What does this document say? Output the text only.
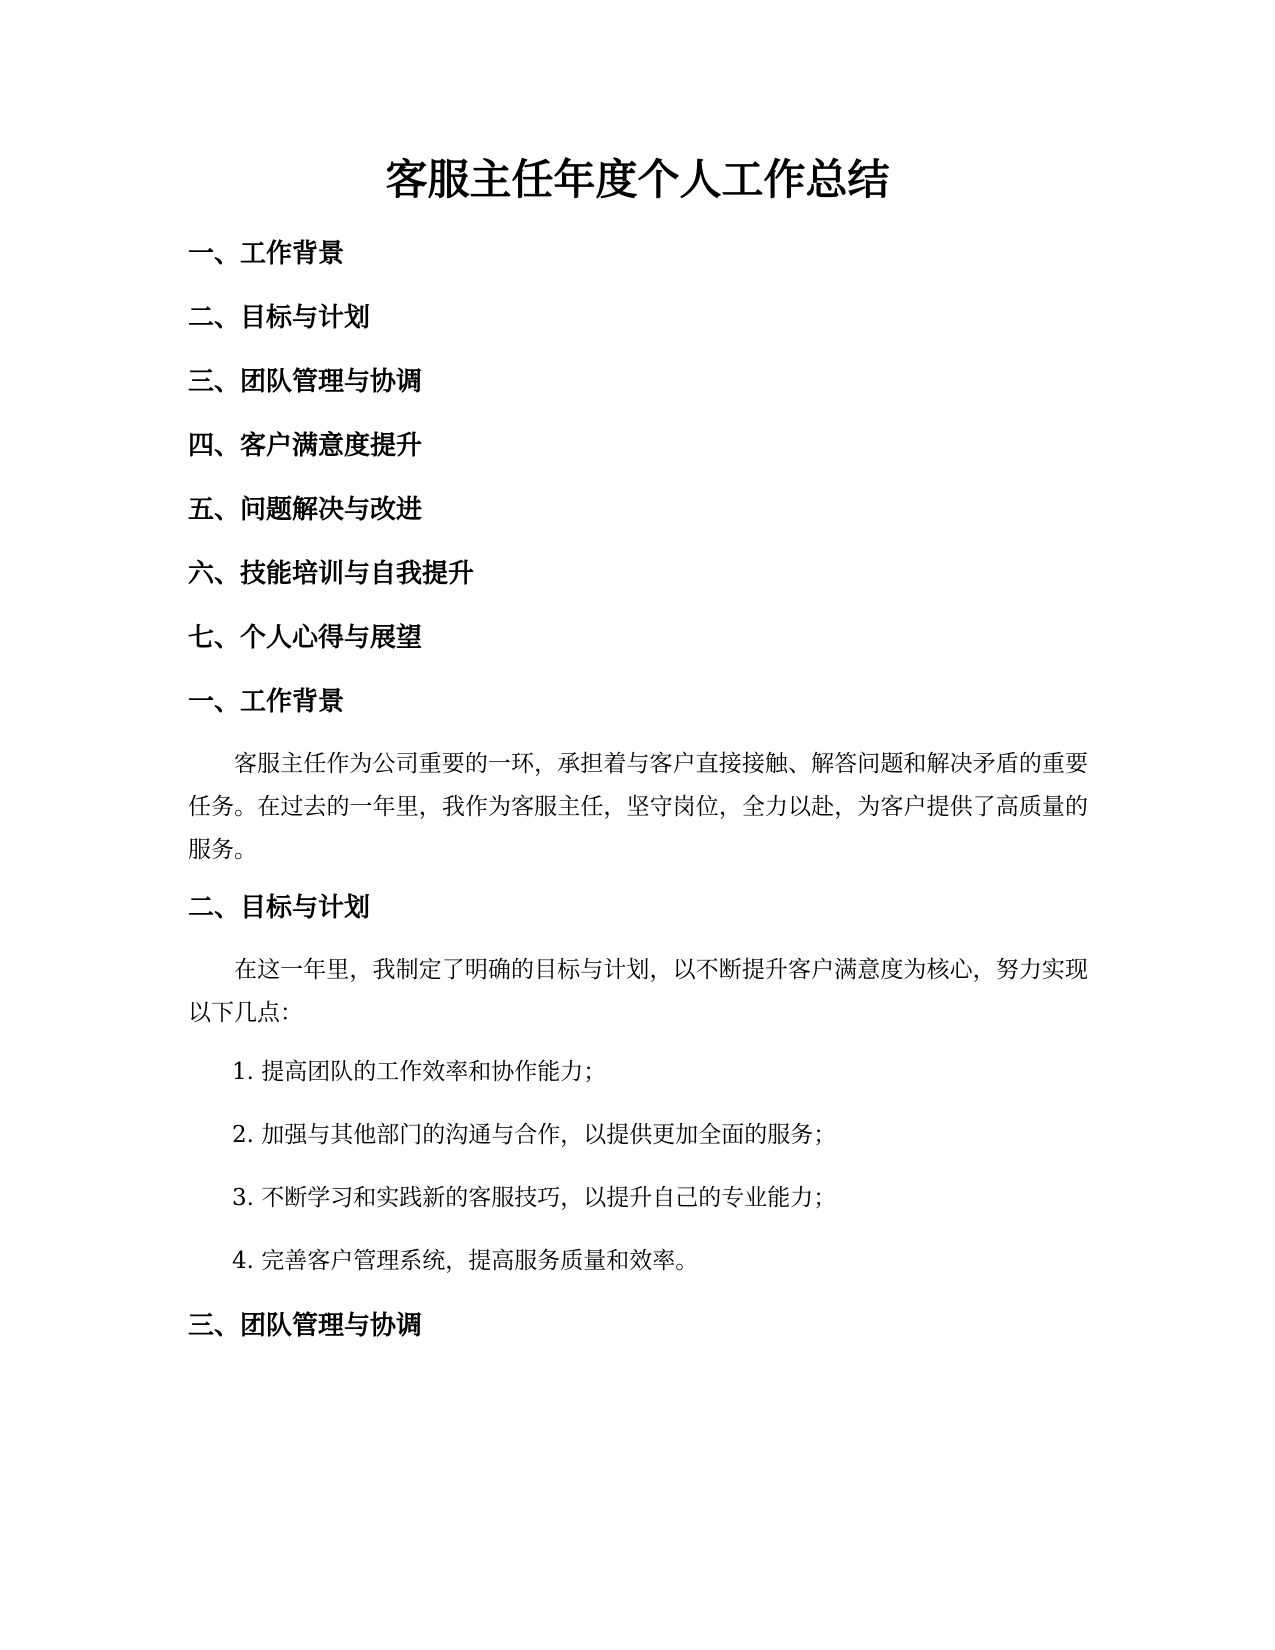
客服主任年度个人工作总结

一、工作背景

二、目标与计划

三、团队管理与协调

四、客户满意度提升

五、问题解决与改进

六、技能培训与自我提升

七、个人心得与展望

一、工作背景

客服主任作为公司重要的一环，承担着与客户直接接触、解答问题和解决矛盾的重要任务。在过去的一年里，我作为客服主任，坚守岗位，全力以赴，为客户提供了高质量的服务。

二、目标与计划

在这一年里，我制定了明确的目标与计划，以不断提升客户满意度为核心，努力实现以下几点：

1. 提高团队的工作效率和协作能力；

2. 加强与其他部门的沟通与合作，以提供更加全面的服务；

3. 不断学习和实践新的客服技巧，以提升自己的专业能力；

4. 完善客户管理系统，提高服务质量和效率。

三、团队管理与协调
